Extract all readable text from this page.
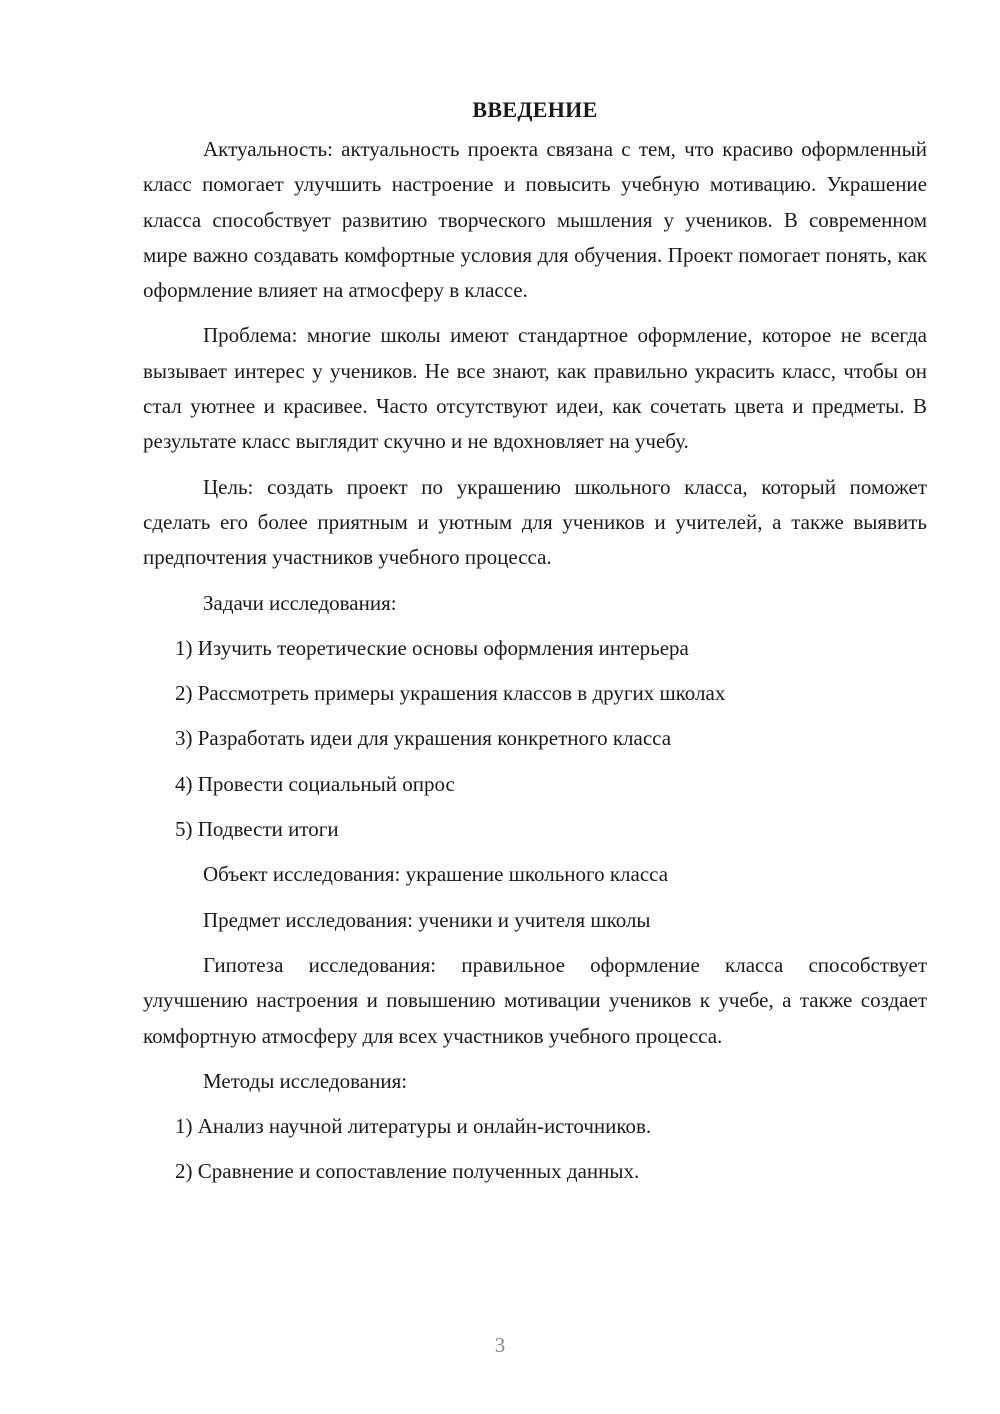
ВВЕДЕНИЕ

Актуальность: актуальность проекта связана с тем, что красиво оформленный класс помогает улучшить настроение и повысить учебную мотивацию. Украшение класса способствует развитию творческого мышления у учеников. В современном мире важно создавать комфортные условия для обучения. Проект помогает понять, как оформление влияет на атмосферу в классе.

Проблема: многие школы имеют стандартное оформление, которое не всегда вызывает интерес у учеников. Не все знают, как правильно украсить класс, чтобы он стал уютнее и красивее. Часто отсутствуют идеи, как сочетать цвета и предметы. В результате класс выглядит скучно и не вдохновляет на учебу.

Цель: создать проект по украшению школьного класса, который поможет сделать его более приятным и уютным для учеников и учителей, а также выявить предпочтения участников учебного процесса.

Задачи исследования:
1) Изучить теоретические основы оформления интерьера
2) Рассмотреть примеры украшения классов в других школах
3) Разработать идеи для украшения конкретного класса
4) Провести социальный опрос
5) Подвести итоги
Объект исследования: украшение школьного класса
Предмет исследования: ученики и учителя школы

Гипотеза исследования: правильное оформление класса способствует улучшению настроения и повышению мотивации учеников к учебе, а также создает комфортную атмосферу для всех участников учебного процесса.

Методы исследования:
1) Анализ научной литературы и онлайн-источников.
2) Сравнение и сопоставление полученных данных.
3
